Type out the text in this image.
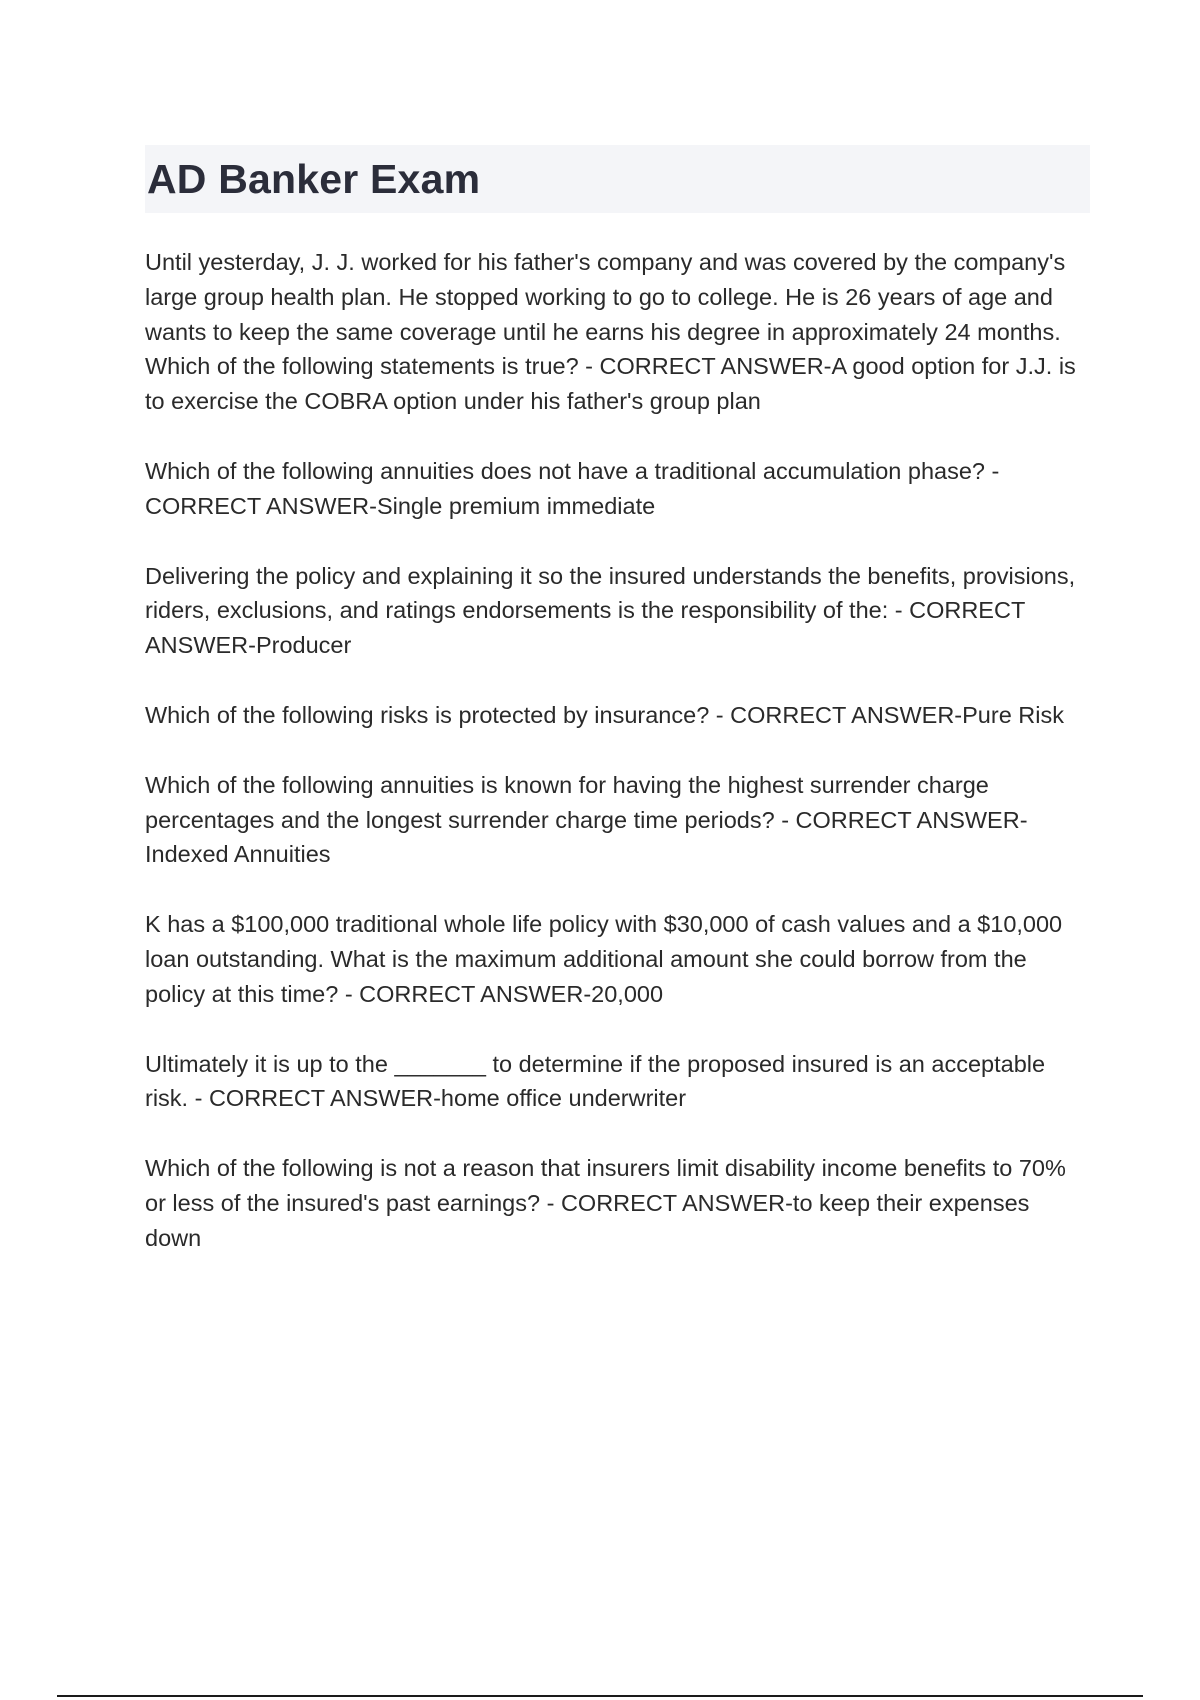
AD Banker Exam

Until yesterday, J. J. worked for his father's company and was covered by the company's large group health plan. He stopped working to go to college. He is 26 years of age and wants to keep the same coverage until he earns his degree in approximately 24 months. Which of the following statements is true? - CORRECT ANSWER-A good option for J.J. is to exercise the COBRA option under his father's group plan

Which of the following annuities does not have a traditional accumulation phase? - CORRECT ANSWER-Single premium immediate

Delivering the policy and explaining it so the insured understands the benefits, provisions, riders, exclusions, and ratings endorsements is the responsibility of the: - CORRECT ANSWER-Producer

Which of the following risks is protected by insurance? - CORRECT ANSWER-Pure Risk

Which of the following annuities is known for having the highest surrender charge percentages and the longest surrender charge time periods? - CORRECT ANSWER-Indexed Annuities

K has a $100,000 traditional whole life policy with $30,000 of cash values and a $10,000 loan outstanding. What is the maximum additional amount she could borrow from the policy at this time? - CORRECT ANSWER-20,000

Ultimately it is up to the _______ to determine if the proposed insured is an acceptable risk. - CORRECT ANSWER-home office underwriter

Which of the following is not a reason that insurers limit disability income benefits to 70% or less of the insured's past earnings? - CORRECT ANSWER-to keep their expenses down
